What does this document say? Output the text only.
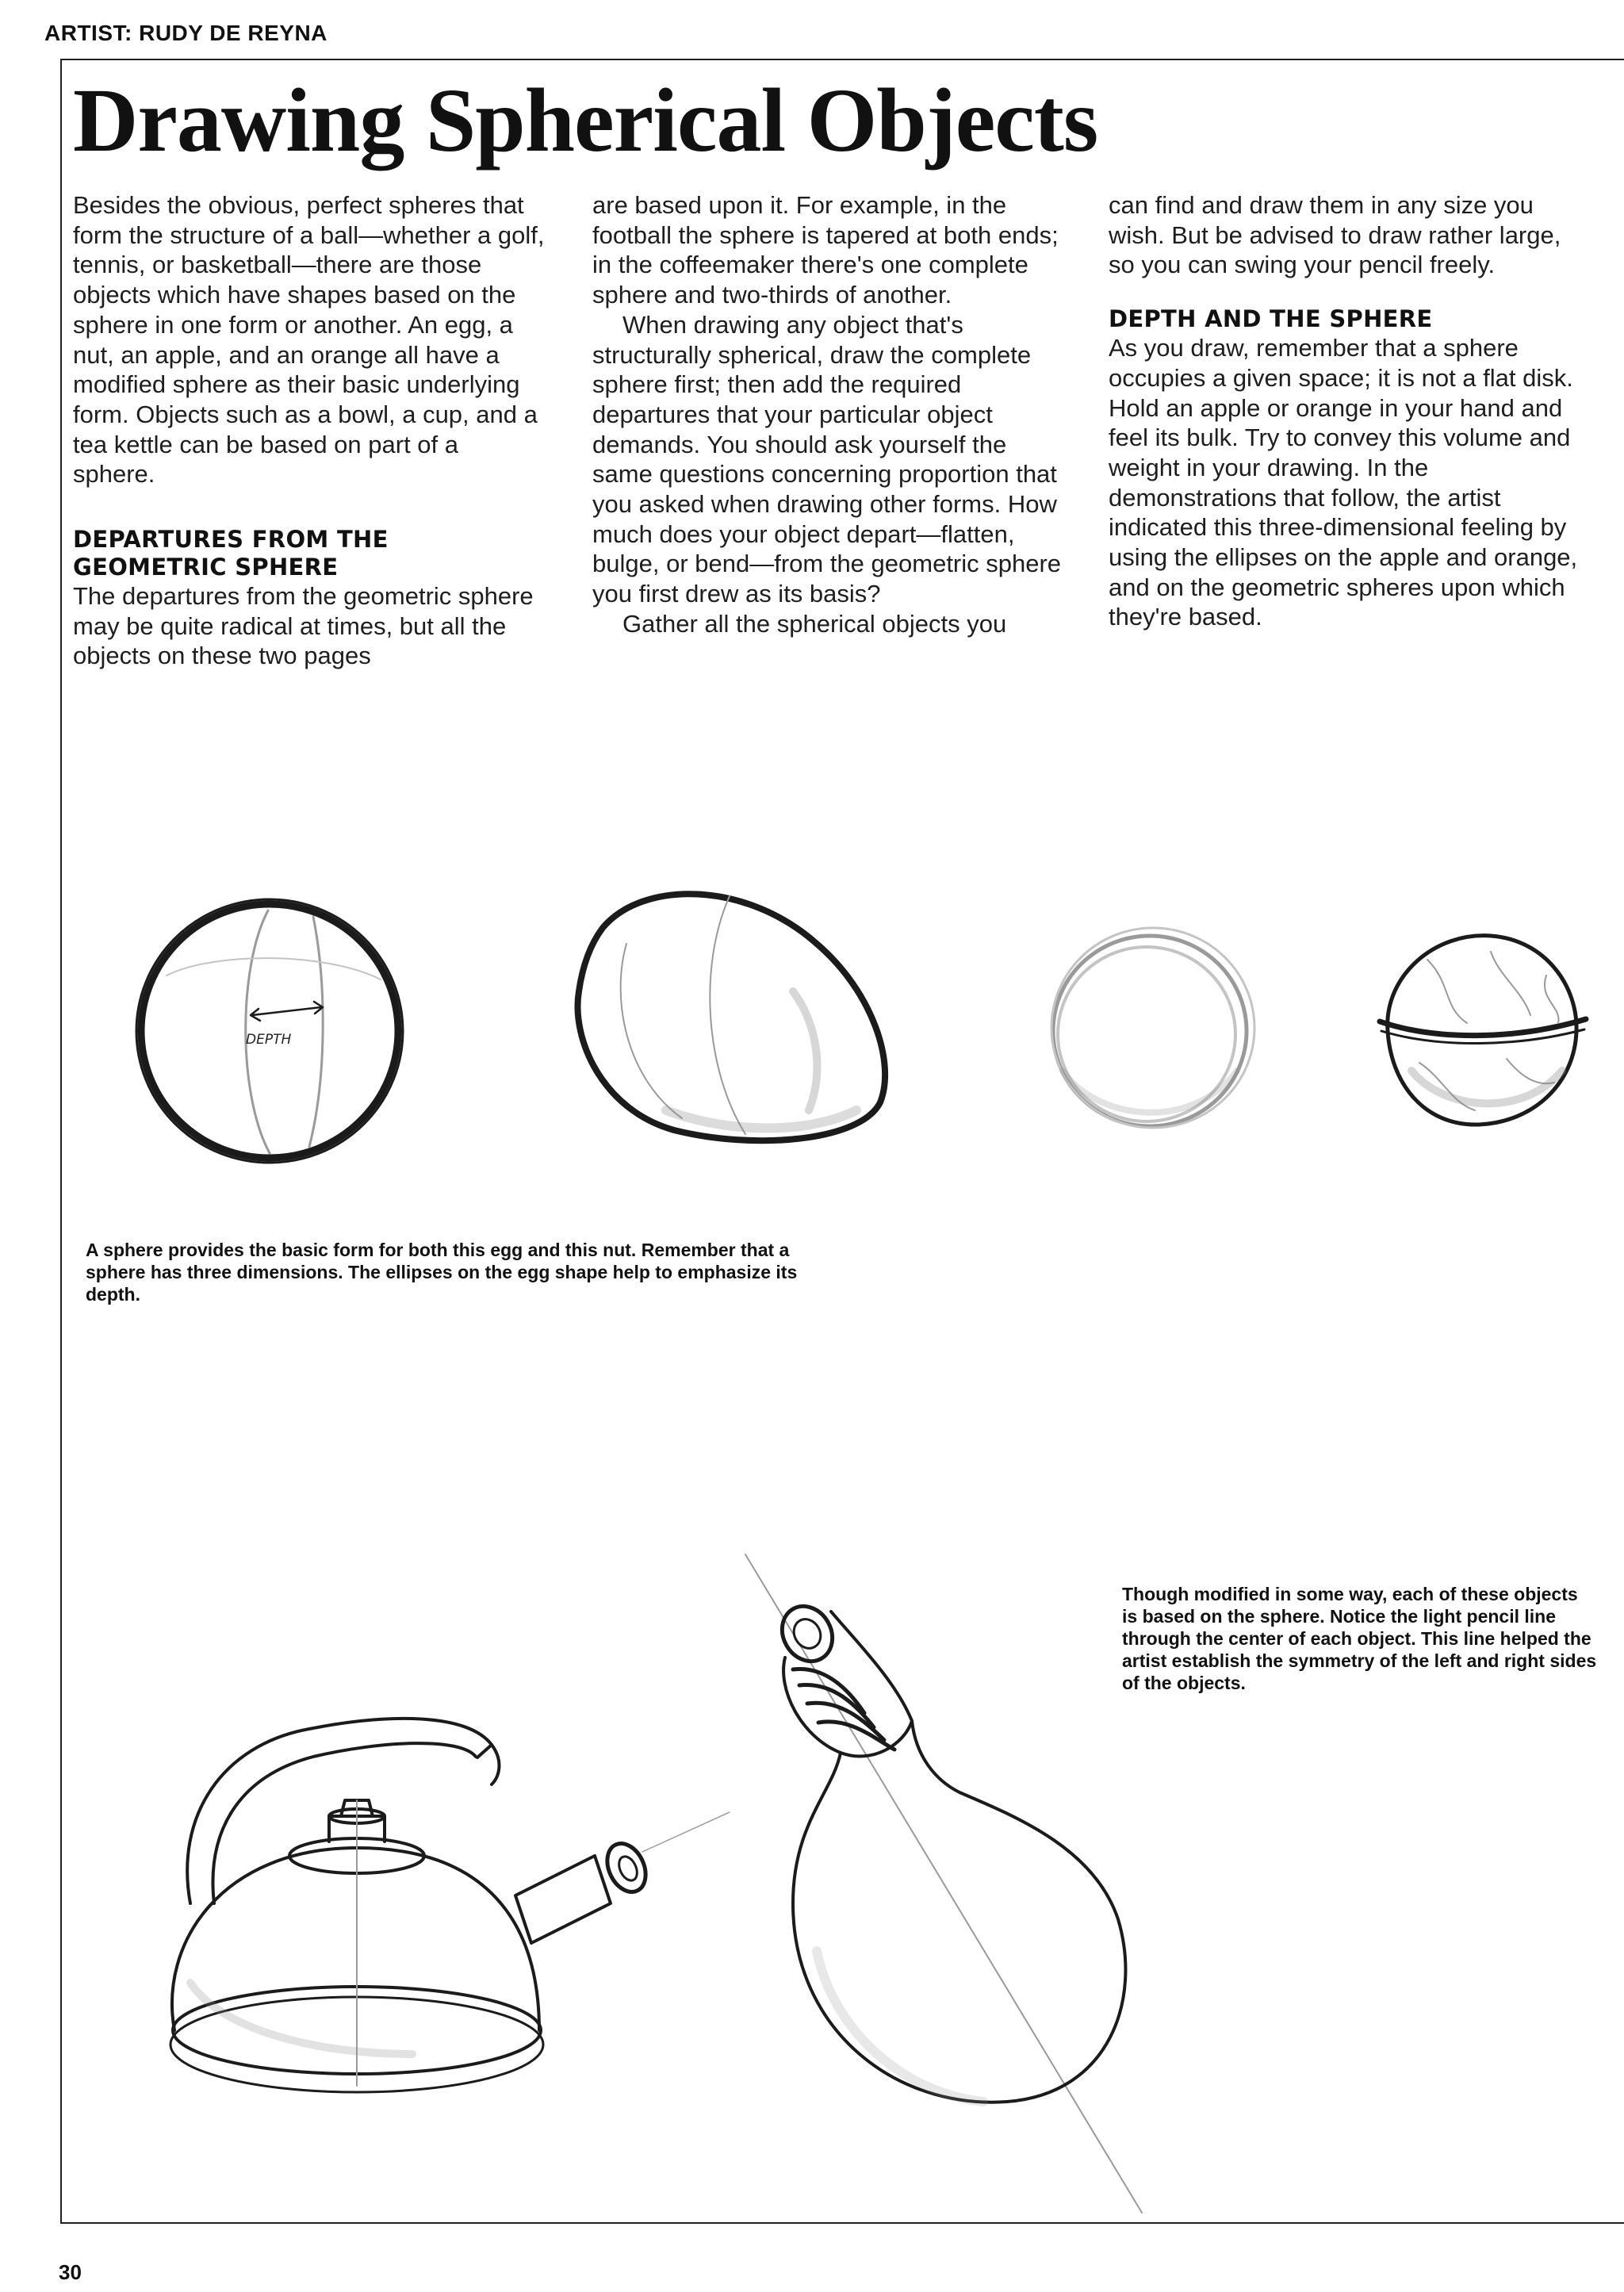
ARTIST: RUDY DE REYNA
Drawing Spherical Objects

Besides the obvious, perfect spheres that form the structure of a ball—whether a golf, tennis, or basketball—there are those objects which have shapes based on the sphere in one form or another. An egg, a nut, an apple, and an orange all have a modified sphere as their basic underlying form. Objects such as a bowl, a cup, and a tea kettle can be based on part of a sphere.

DEPARTURES FROM THE GEOMETRIC SPHERE

The departures from the geometric sphere may be quite radical at times, but all the objects on these two pages

are based upon it. For example, in the football the sphere is tapered at both ends; in the coffeemaker there's one complete sphere and two-thirds of another.

When drawing any object that's structurally spherical, draw the complete sphere first; then add the required departures that your particular object demands. You should ask yourself the same questions concerning proportion that you asked when drawing other forms. How much does your object depart—flatten, bulge, or bend—from the geometric sphere you first drew as its basis?

Gather all the spherical objects you

can find and draw them in any size you wish. But be advised to draw rather large, so you can swing your pencil freely.

DEPTH AND THE SPHERE

As you draw, remember that a sphere occupies a given space; it is not a flat disk. Hold an apple or orange in your hand and feel its bulk. Try to convey this volume and weight in your drawing. In the demonstrations that follow, the artist indicated this three-dimensional feeling by using the ellipses on the apple and orange, and on the geometric spheres upon which they're based.

DEPTH
A sphere provides the basic form for both this egg and this nut. Remember that a sphere has three dimensions. The ellipses on the egg shape help to emphasize its depth.
Though modified in some way, each of these objects is based on the sphere. Notice the light pencil line through the center of each object. This line helped the artist establish the symmetry of the left and right sides of the objects.
30
